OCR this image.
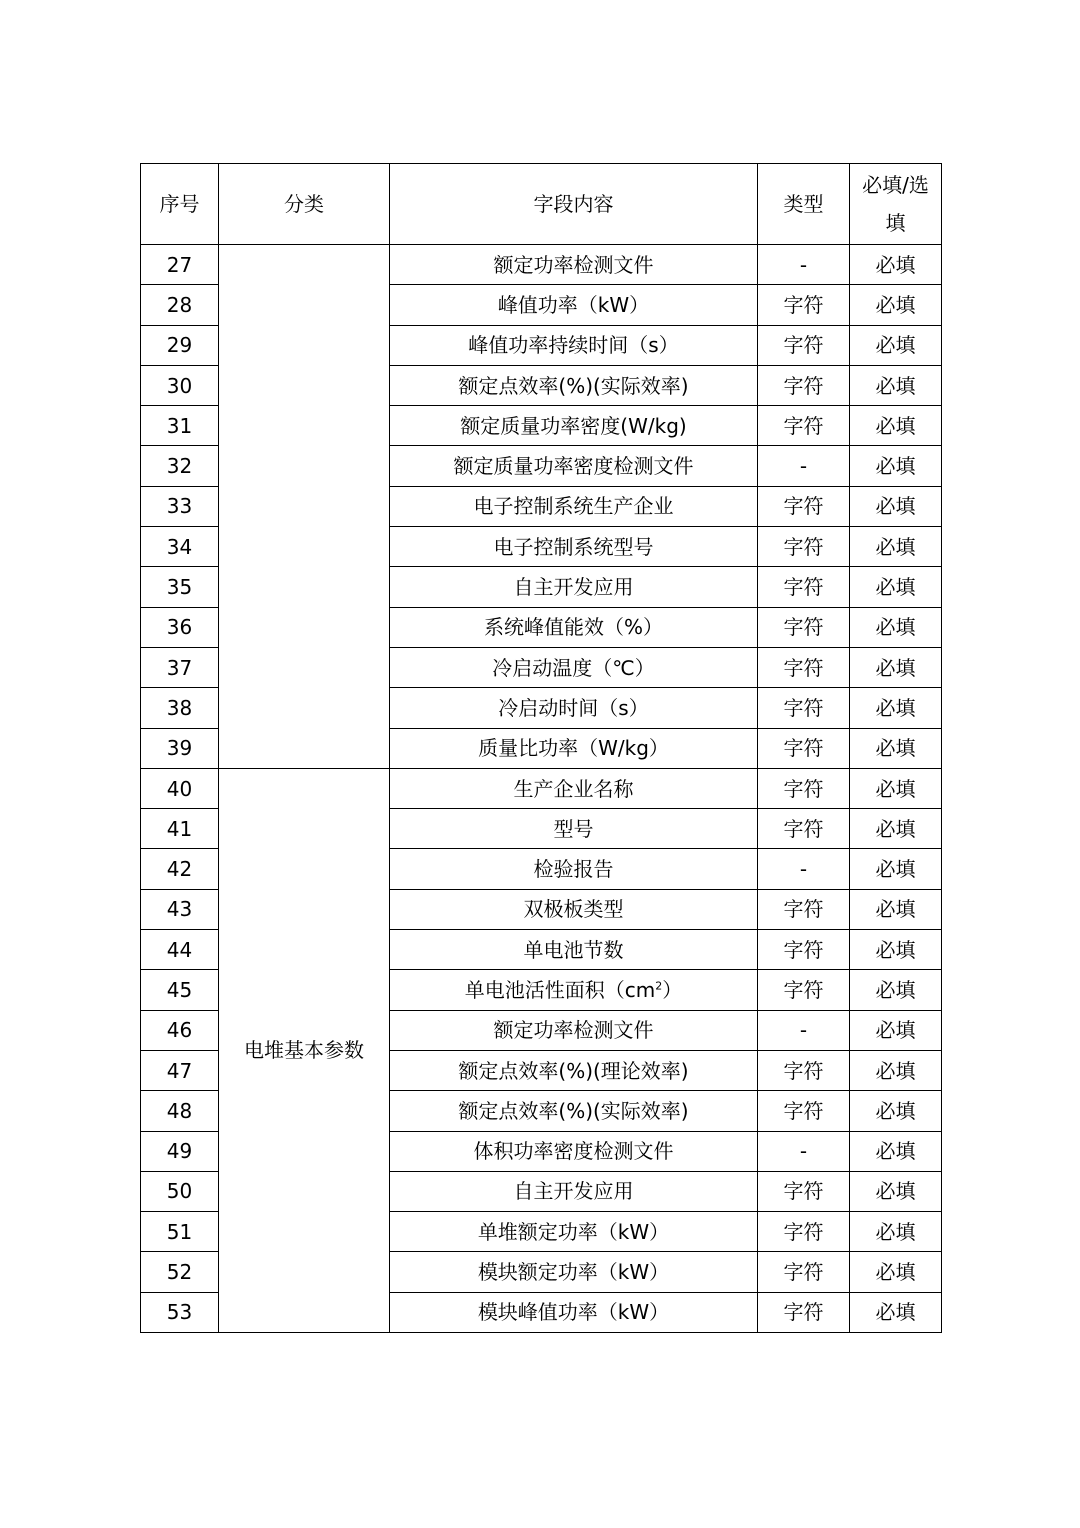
序号	分类	字段内容	类型	必填/选填
27		额定功率检测文件	-	必填
28		峰值功率（kW）	字符	必填
29		峰值功率持续时间（s）	字符	必填
30		额定点效率(%)(实际效率)	字符	必填
31		额定质量功率密度(W/kg)	字符	必填
32		额定质量功率密度检测文件	-	必填
33		电子控制系统生产企业	字符	必填
34		电子控制系统型号	字符	必填
35		自主开发应用	字符	必填
36		系统峰值能效（%）	字符	必填
37		冷启动温度（℃）	字符	必填
38		冷启动时间（s）	字符	必填
39		质量比功率（W/kg）	字符	必填
40	电堆基本参数	生产企业名称	字符	必填
41		型号	字符	必填
42		检验报告	-	必填
43		双极板类型	字符	必填
44		单电池节数	字符	必填
45		单电池活性面积$(cm^2)$	字符	必填
46		额定功率检测文件	-	必填
47		额定点效率(%)(理论效率)	字符	必填
48		额定点效率(%)(实际效率)	字符	必填
49		体积功率密度检测文件	-	必填
50		自主开发应用	字符	必填
51		单堆额定功率（kW）	字符	必填
52		模块额定功率（kW）	字符	必填
53		模块峰值功率（kW）	字符	必填
